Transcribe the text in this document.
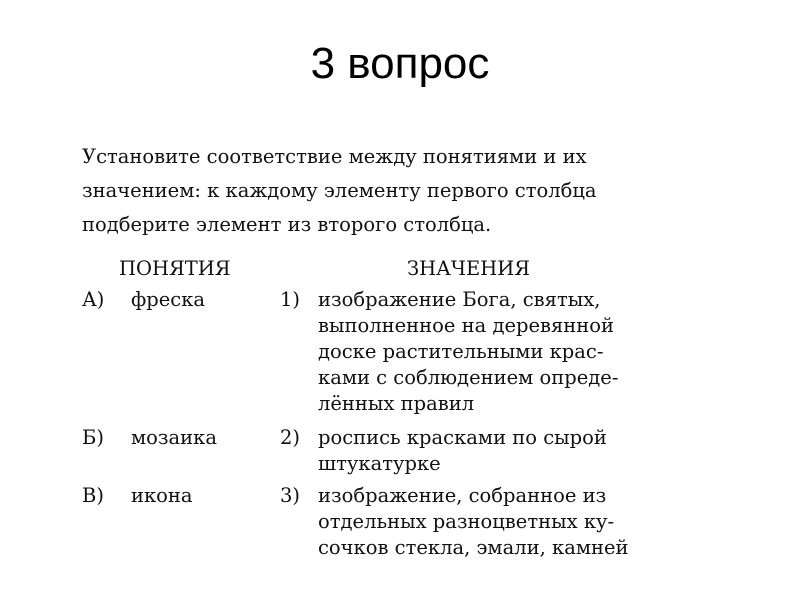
3 вопрос
Установите соответствие между понятиями и их
значением: к каждому элементу первого столбца
подберите элемент из второго столбца.
ПОНЯТИЯ	ЗНАЧЕНИЯ
А) фреска
Б) мозаика
В) икона
1) изображение Бога, святых,
выполненное на деревянной
доске растительными крас-
ками с соблюдением опреде-
лённых правил
2) роспись красками по сырой
штукатурке
3) изображение, собранное из
отдельных разноцветных ку-
сочков стекла, эмали, камней
